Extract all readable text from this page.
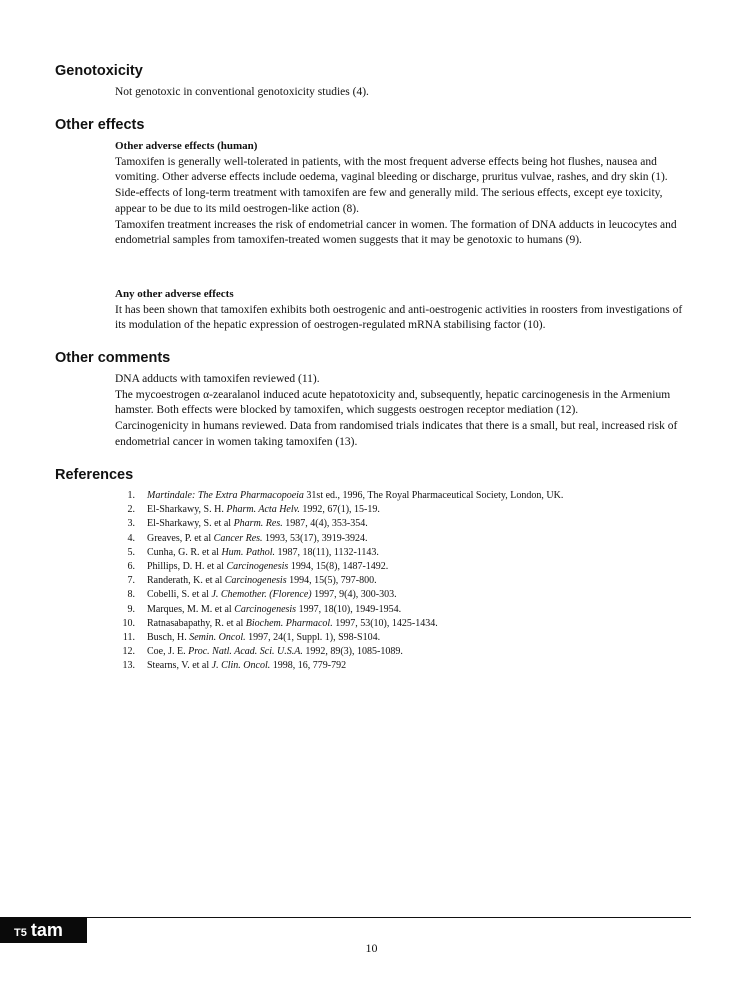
Genotoxicity

Not genotoxic in conventional genotoxicity studies (4).

Other effects

Other adverse effects (human)

Tamoxifen is generally well-tolerated in patients, with the most frequent adverse effects being hot flushes, nausea and vomiting. Other adverse effects include oedema, vaginal bleeding or discharge, pruritus vulvae, rashes, and dry skin (1).

Side-effects of long-term treatment with tamoxifen are few and generally mild. The serious effects, except eye toxicity, appear to be due to its mild oestrogen-like action (8).

Tamoxifen treatment increases the risk of endometrial cancer in women. The formation of DNA adducts in leucocytes and endometrial samples from tamoxifen-treated women suggests that it may be genotoxic to humans (9).

Any other adverse effects

It has been shown that tamoxifen exhibits both oestrogenic and anti-oestrogenic activities in roosters from investigations of its modulation of the hepatic expression of oestrogen-regulated mRNA stabilising factor (10).

Other comments

DNA adducts with tamoxifen reviewed (11).

The mycoestrogen α-zearalanol induced acute hepatotoxicity and, subsequently, hepatic carcinogenesis in the Armenium hamster. Both effects were blocked by tamoxifen, which suggests oestrogen receptor mediation (12).

Carcinogenicity in humans reviewed. Data from randomised trials indicates that there is a small, but real, increased risk of endometrial cancer in women taking tamoxifen (13).

References
1. Martindale: The Extra Pharmacopoeia 31st ed., 1996, The Royal Pharmaceutical Society, London, UK.
2. El-Sharkawy, S. H. Pharm. Acta Helv. 1992, 67(1), 15-19.
3. El-Sharkawy, S. et al Pharm. Res. 1987, 4(4), 353-354.
4. Greaves, P. et al Cancer Res. 1993, 53(17), 3919-3924.
5. Cunha, G. R. et al Hum. Pathol. 1987, 18(11), 1132-1143.
6. Phillips, D. H. et al Carcinogenesis 1994, 15(8), 1487-1492.
7. Randerath, K. et al Carcinogenesis 1994, 15(5), 797-800.
8. Cobelli, S. et al J. Chemother. (Florence) 1997, 9(4), 300-303.
9. Marques, M. M. et al Carcinogenesis 1997, 18(10), 1949-1954.
10. Ratnasabapathy, R. et al Biochem. Pharmacol. 1997, 53(10), 1425-1434.
11. Busch, H. Semin. Oncol. 1997, 24(1, Suppl. 1), S98-S104.
12. Coe, J. E. Proc. Natl. Acad. Sci. U.S.A. 1992, 89(3), 1085-1089.
13. Stearns, V. et al J. Clin. Oncol. 1998, 16, 779-792
T5 tam
10
